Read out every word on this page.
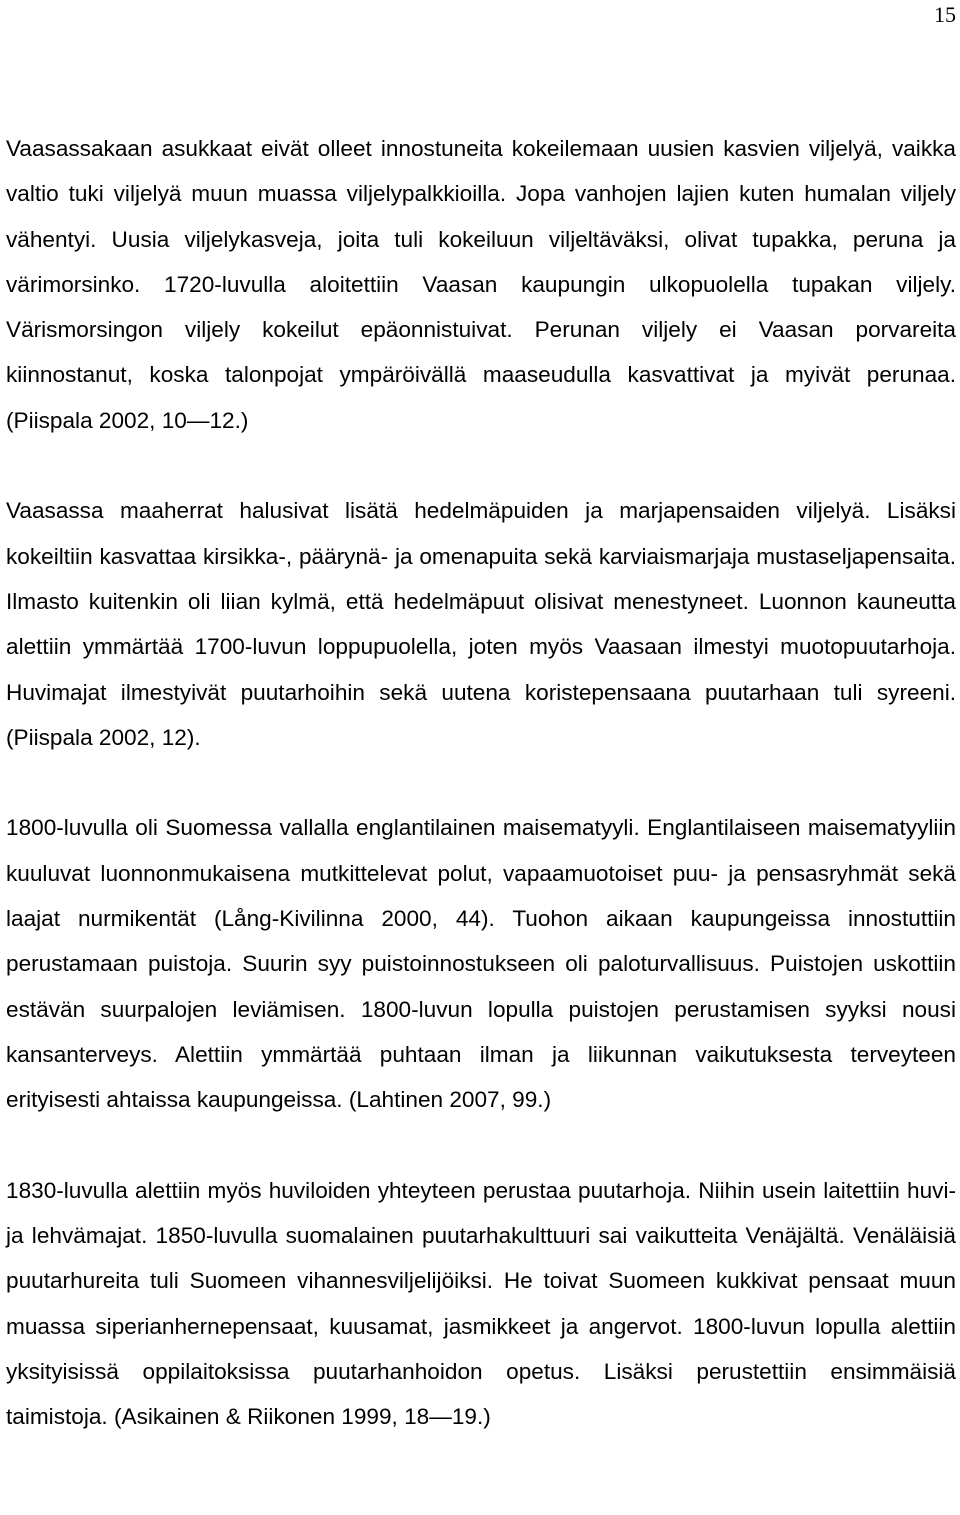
15

Vaasassakaan asukkaat eivät olleet innostuneita kokeilemaan uusien kasvien viljelyä, vaikka valtio tuki viljelyä muun muassa viljelypalkkioilla. Jopa vanhojen lajien kuten humalan viljely vähentyi. Uusia viljelykasveja, joita tuli kokeiluun viljeltäväksi, olivat tupakka, peruna ja värimorsinko. 1720-luvulla aloitettiin Vaasan kaupungin ulkopuolella tupakan viljely. Värismorsingon viljely kokeilut epäonnistuivat. Perunan viljely ei Vaasan porvareita kiinnostanut, koska talonpojat ympäröivällä maaseudulla kasvattivat ja myivät perunaa. (Piispala 2002, 10—12.)

Vaasassa maaherrat halusivat lisätä hedelmäpuiden ja marjapensaiden viljelyä. Lisäksi kokeiltiin kasvattaa kirsikka-, päärynä- ja omenapuita sekä karviaismarjaja mustaseljapensaita. Ilmasto kuitenkin oli liian kylmä, että hedelmäpuut olisivat menestyneet. Luonnon kauneutta alettiin ymmärtää 1700-luvun loppupuolella, joten myös Vaasaan ilmestyi muotopuutarhoja. Huvimajat ilmestyivät puutarhoihin sekä uutena koristepensaana puutarhaan tuli syreeni. (Piispala 2002, 12).

1800-luvulla oli Suomessa vallalla englantilainen maisematyyli. Englantilaiseen maisematyyliin kuuluvat luonnonmukaisena mutkittelevat polut, vapaamuotoiset puu- ja pensasryhmät sekä laajat nurmikentät (Lång-Kivilinna 2000, 44). Tuohon aikaan kaupungeissa innostuttiin perustamaan puistoja. Suurin syy puistoinnostukseen oli paloturvallisuus. Puistojen uskottiin estävän suurpalojen leviämisen. 1800-luvun lopulla puistojen perustamisen syyksi nousi kansanterveys. Alettiin ymmärtää puhtaan ilman ja liikunnan vaikutuksesta terveyteen erityisesti ahtaissa kaupungeissa. (Lahtinen 2007, 99.)

1830-luvulla alettiin myös huviloiden yhteyteen perustaa puutarhoja. Niihin usein laitettiin huvi- ja lehvämajat. 1850-luvulla suomalainen puutarhakulttuuri sai vaikutteita Venäjältä. Venäläisiä puutarhureita tuli Suomeen vihannesviljelijöiksi. He toivat Suomeen kukkivat pensaat muun muassa siperianhernepensaat, kuusamat, jasmikkeet ja angervot. 1800-luvun lopulla alettiin yksityisissä oppilaitoksissa puutarhanhoidon opetus. Lisäksi perustettiin ensimmäisiä taimistoja. (Asikainen & Riikonen 1999, 18—19.)
